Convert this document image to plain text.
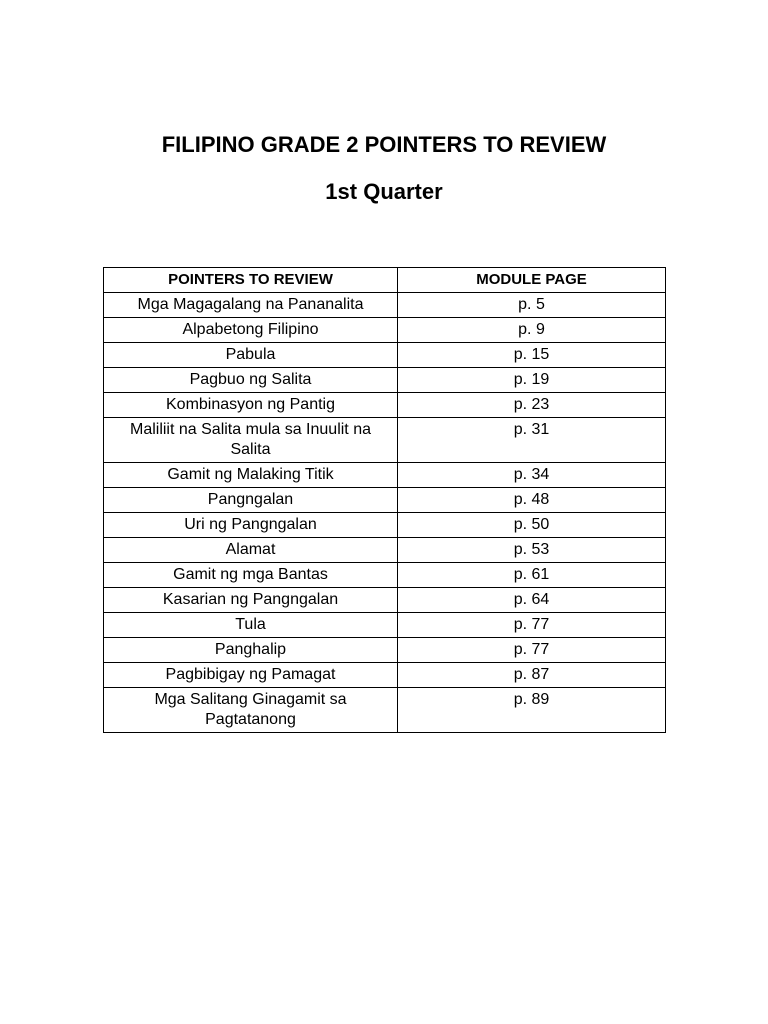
FILIPINO GRADE 2 POINTERS TO REVIEW
1st Quarter
POINTERS TO REVIEW	MODULE PAGE
Mga Magagalang na Pananalita	p. 5
Alpabetong Filipino	p. 9
Pabula	p. 15
Pagbuo ng Salita	p. 19
Kombinasyon ng Pantig	p. 23
Maliliit na Salita mula sa Inuulit na Salita	p. 31
Gamit ng Malaking Titik	p. 34
Pangngalan	p. 48
Uri ng Pangngalan	p. 50
Alamat	p. 53
Gamit ng mga Bantas	p. 61
Kasarian ng Pangngalan	p. 64
Tula	p. 77
Panghalip	p. 77
Pagbibigay ng Pamagat	p. 87
Mga Salitang Ginagamit sa Pagtatanong	p. 89
